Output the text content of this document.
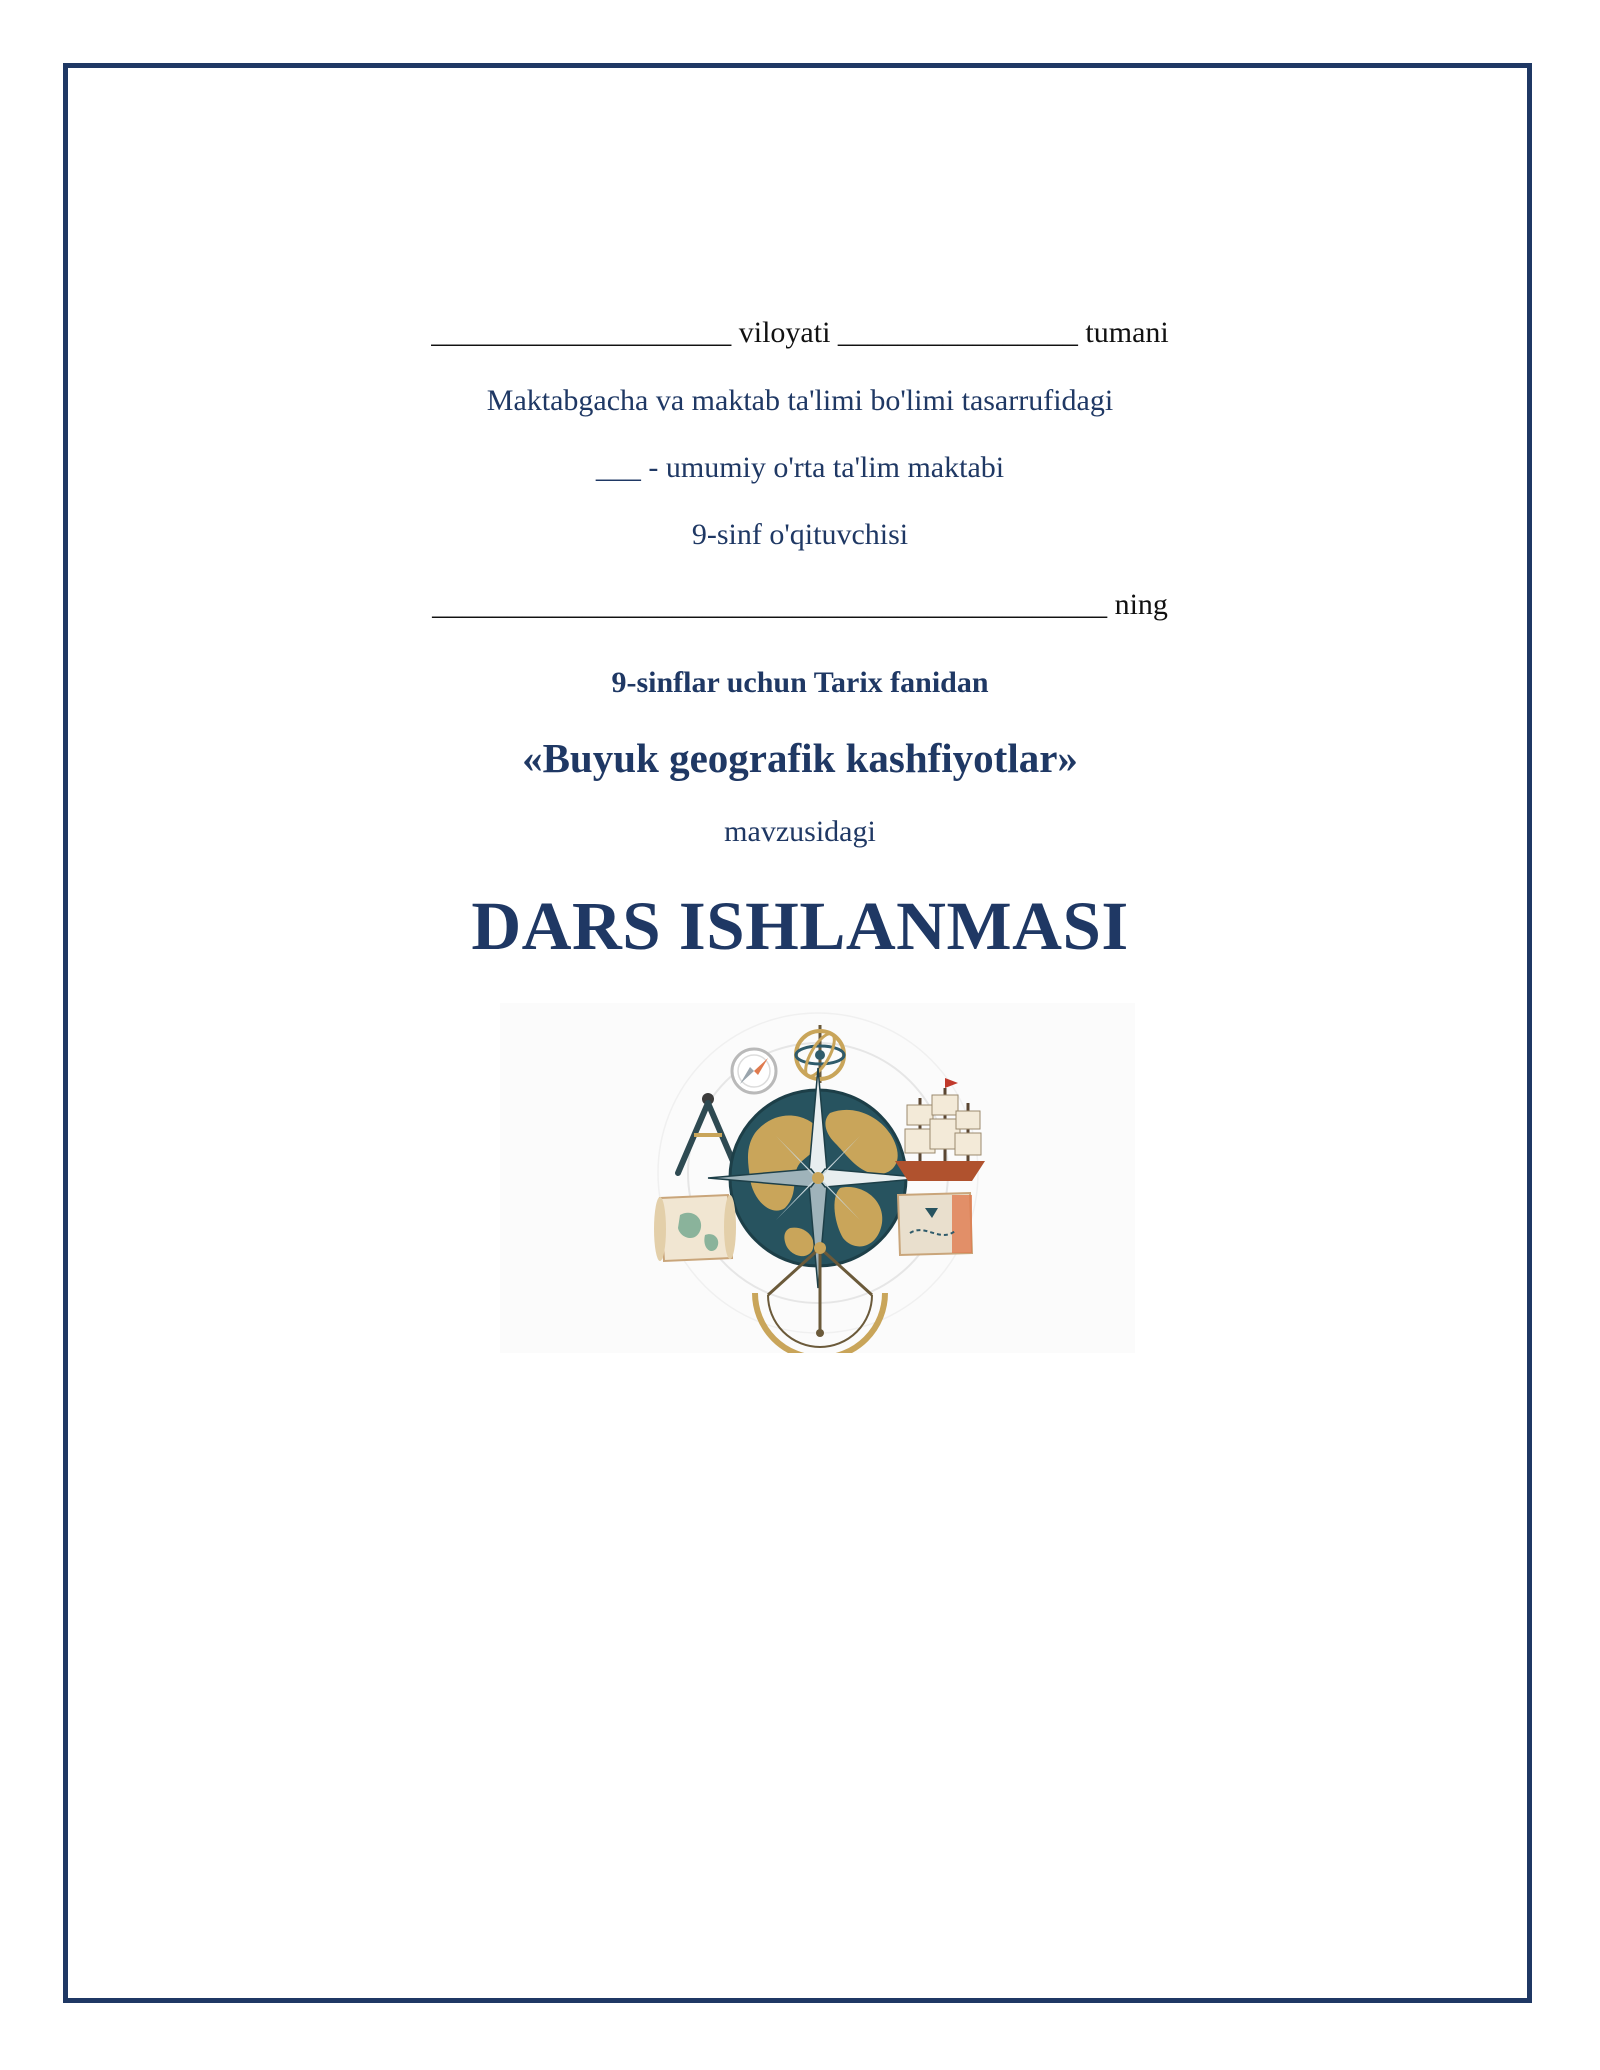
____________________ viloyati ________________ tumani
Maktabgacha va maktab ta'limi bo'limi tasarrufidagi
___ - umumiy o'rta ta'lim maktabi
9-sinf o'qituvchisi
_____________________________________________ ning
9-sinflar uchun Tarix fanidan
«Buyuk geografik kashfiyotlar»
mavzusidagi
DARS ISHLANMASI
